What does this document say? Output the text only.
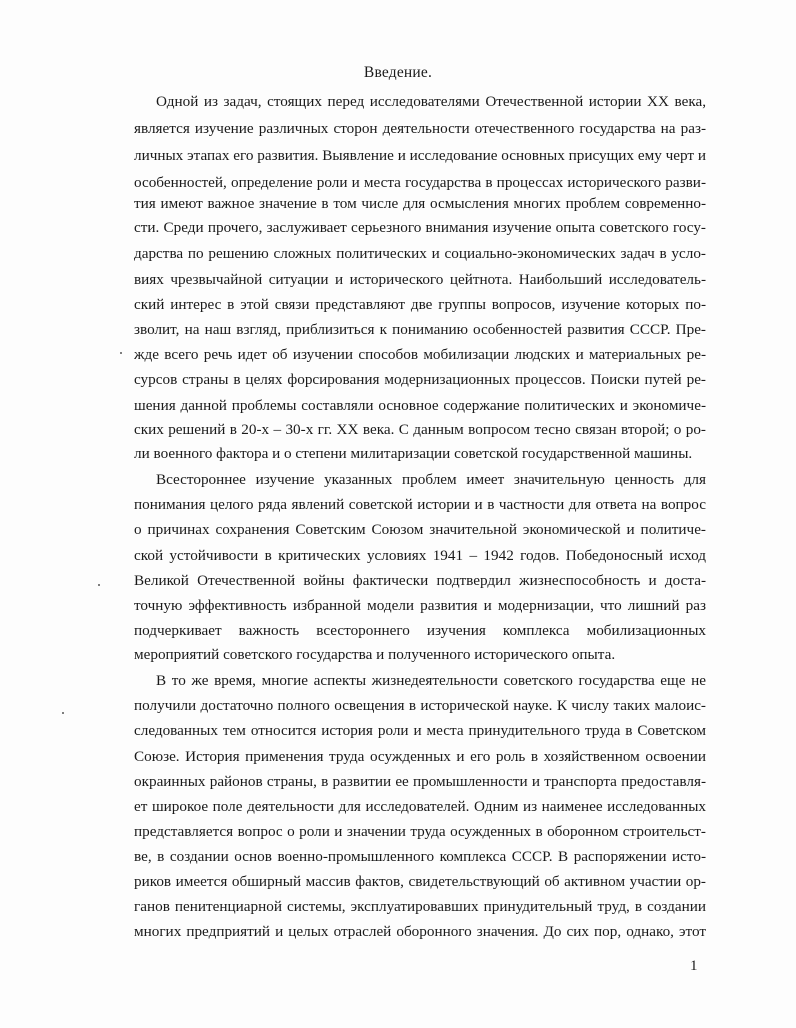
Введение.
Одной из задач, стоящих перед исследователями Отечественной истории XX века,
является изучение различных сторон деятельности отечественного государства на раз-
личных этапах его развития. Выявление и исследование основных присущих ему черт и
особенностей, определение роли и места государства в процессах исторического разви-
тия имеют важное значение в том числе для осмысления многих проблем современно-
сти. Среди прочего, заслуживает серьезного внимания изучение опыта советского госу-
дарства по решению сложных политических и социально-экономических задач в усло-
виях чрезвычайной ситуации и исторического цейтнота. Наибольший исследователь-
ский интерес в этой связи представляют две группы вопросов, изучение которых по-
зволит, на наш взгляд, приблизиться к пониманию особенностей развития СССР. Пре-
жде всего речь идет об изучении способов мобилизации людских и материальных ре-
сурсов страны в целях форсирования модернизационных процессов. Поиски путей ре-
шения данной проблемы составляли основное содержание политических и экономиче-
ских решений в 20-х – 30-х гг. XX века. С данным вопросом тесно связан второй; о ро-
ли военного фактора и о степени милитаризации советской государственной машины.
Всестороннее изучение указанных проблем имеет значительную ценность для
понимания целого ряда явлений советской истории и в частности для ответа на вопрос
о причинах сохранения Советским Союзом значительной экономической и политиче-
ской устойчивости в критических условиях 1941 – 1942 годов. Победоносный исход
Великой Отечественной войны фактически подтвердил жизнеспособность и доста-
точную эффективность избранной модели развития и модернизации, что лишний раз
подчеркивает важность всестороннего изучения комплекса мобилизационных
мероприятий советского государства и полученного исторического опыта.
В то же время, многие аспекты жизнедеятельности советского государства еще не
получили достаточно полного освещения в исторической науке. К числу таких малоис-
следованных тем относится история роли и места принудительного труда в Советском
Союзе. История применения труда осужденных и его роль в хозяйственном освоении
окраинных районов страны, в развитии ее промышленности и транспорта предоставля-
ет широкое поле деятельности для исследователей. Одним из наименее исследованных
представляется вопрос о роли и значении труда осужденных в оборонном строительст-
ве, в создании основ военно-промышленного комплекса СССР. В распоряжении исто-
риков имеется обширный массив фактов, свидетельствующий об активном участии ор-
ганов пенитенциарной системы, эксплуатировавших принудительный труд, в создании
многих предприятий и целых отраслей оборонного значения. До сих пор, однако, этот
1
